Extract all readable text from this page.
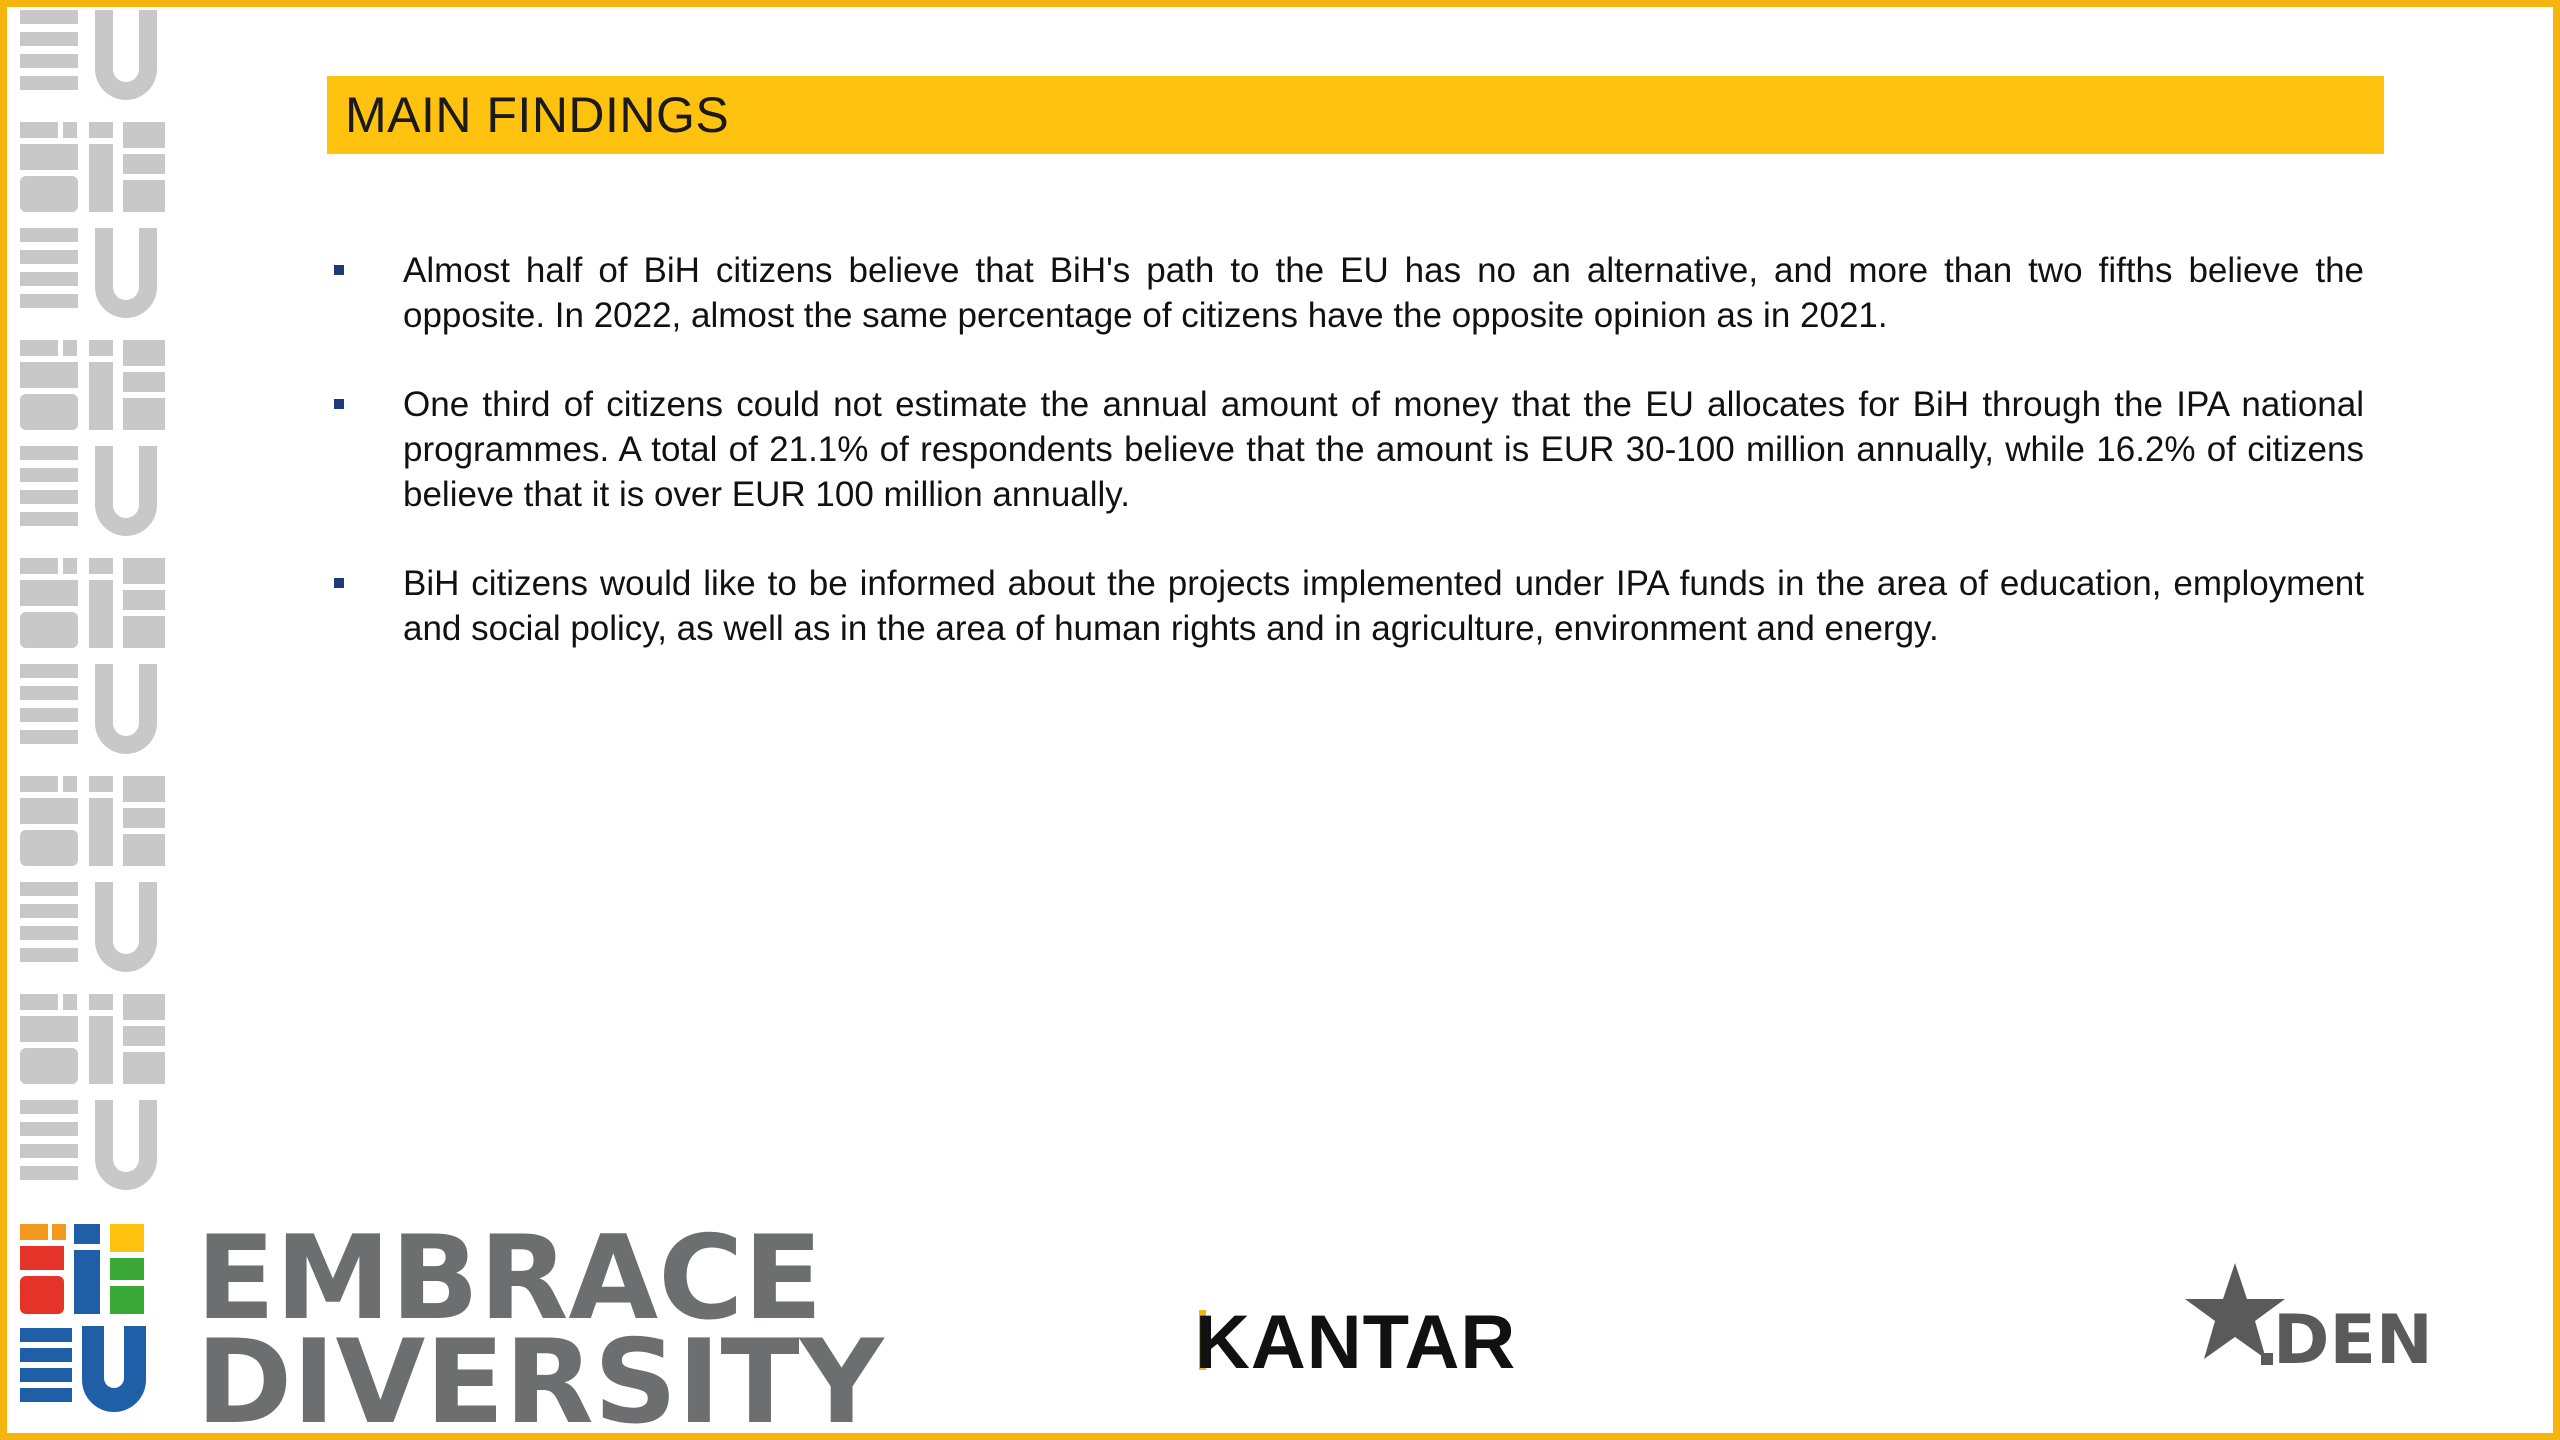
MAIN FINDINGS
Almost half of BiH citizens believe that BiH's path to the EU has no an alternative, and more than two fifths believe the opposite. In 2022, almost the same percentage of citizens have the opposite opinion as in 2021.
One third of citizens could not estimate the annual amount of money that the EU allocates for BiH through the IPA national programmes. A total of 21.1% of respondents believe that the amount is EUR 30-100 million annually, while 16.2% of citizens believe that it is over EUR 100 million annually.
BiH citizens would like to be informed about the projects implemented under IPA funds in the area of education, employment and social policy, as well as in the area of human rights and in agriculture, environment and energy.
EMBRACE
DIVERSITY	KANTAR	DEN
